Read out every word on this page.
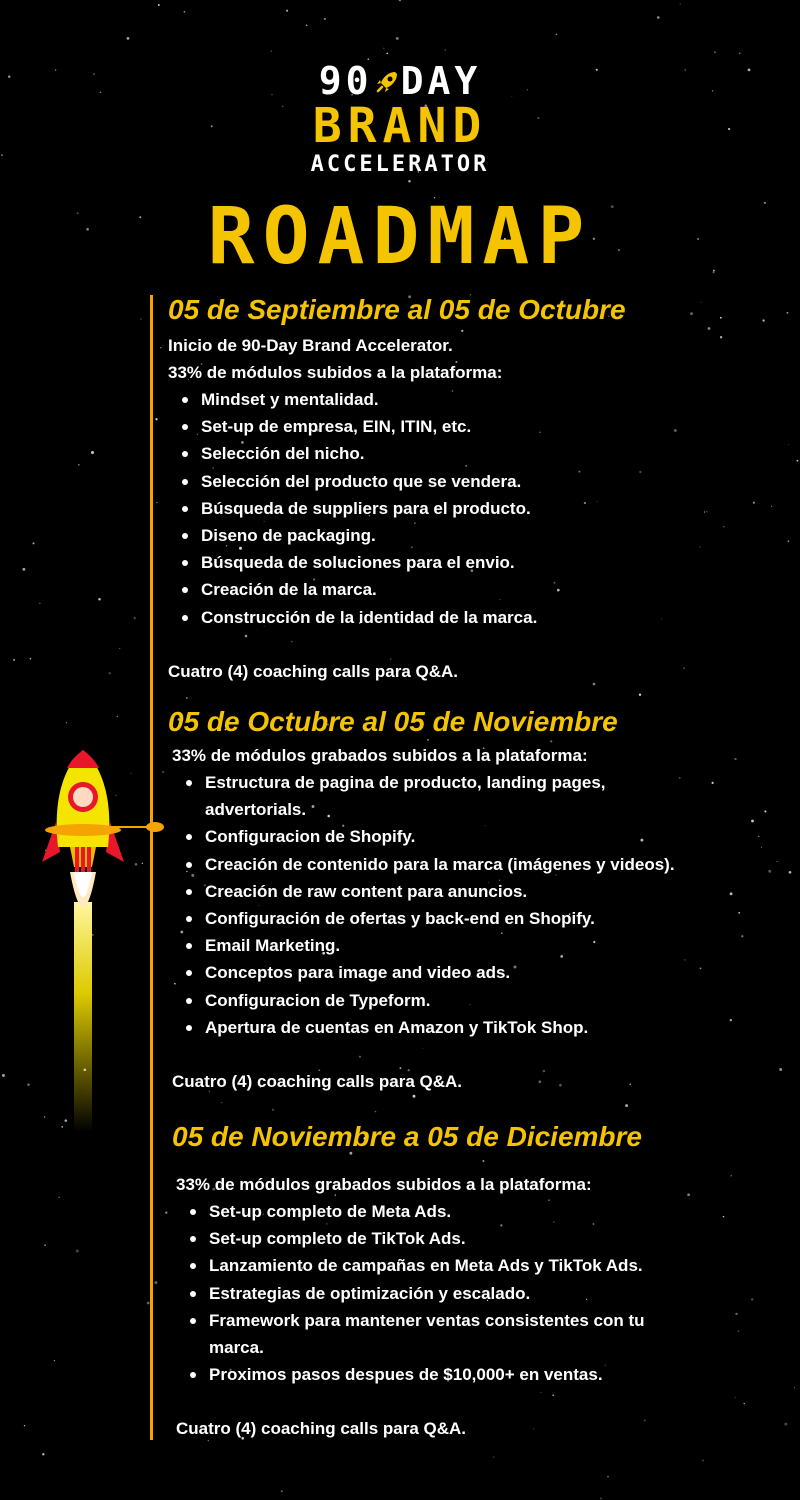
90 DAY
BRAND
ACCELERATOR
ROADMAP
05 de Septiembre al 05 de Octubre
Inicio de 90-Day Brand Accelerator.
33% de módulos subidos a la plataforma:
Mindset y mentalidad.
Set-up de empresa, EIN, ITIN, etc.
Selección del nicho.
Selección del producto que se vendera.
Búsqueda de suppliers para el producto.
Diseno de packaging.
Búsqueda de soluciones para el envio.
Creación de la marca.
Construcción de la identidad de la marca.
Cuatro (4) coaching calls para Q&A.
05 de Octubre al 05 de Noviembre
33% de módulos grabados subidos a la plataforma:
Estructura de pagina de producto, landing pages, advertorials.
Configuracion de Shopify.
Creación de contenido para la marca (imágenes y videos).
Creación de raw content para anuncios.
Configuración de ofertas y back-end en Shopify.
Email Marketing.
Conceptos para image and video ads.
Configuracion de Typeform.
Apertura de cuentas en Amazon y TikTok Shop.
Cuatro (4) coaching calls para Q&A.
05 de Noviembre a 05 de Diciembre
33% de módulos grabados subidos a la plataforma:
Set-up completo de Meta Ads.
Set-up completo de TikTok Ads.
Lanzamiento de campañas en Meta Ads y TikTok Ads.
Estrategias de optimización y escalado.
Framework para mantener ventas consistentes con tu marca.
Proximos pasos despues de $10,000+ en ventas.
Cuatro (4) coaching calls para Q&A.
